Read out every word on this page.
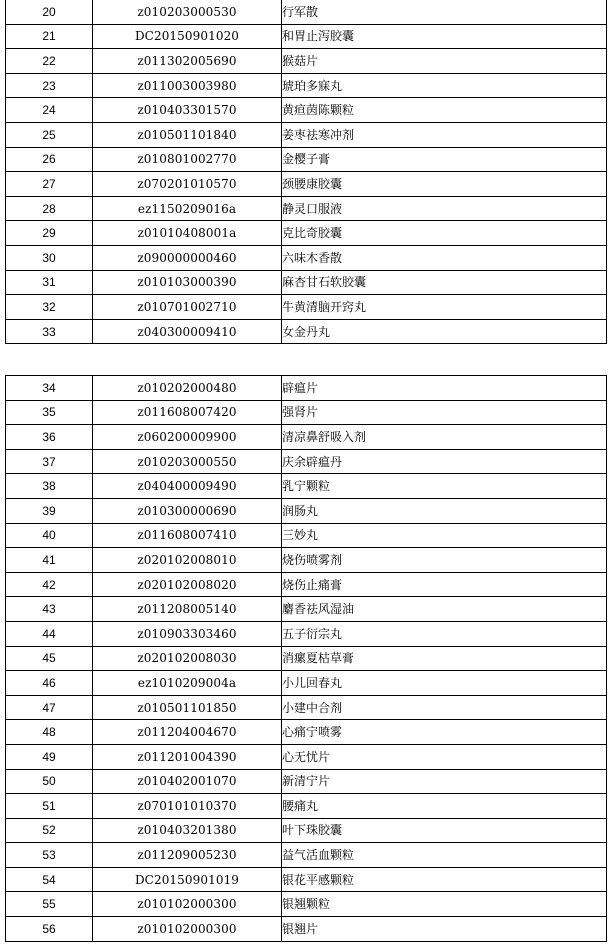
20	z010203000530	行军散
21	DC20150901020	和胃止泻胶囊
22	z011302005690	猴菇片
23	z011003003980	琥珀多寐丸
24	z010403301570	黄疸茵陈颗粒
25	z010501101840	姜枣祛寒冲剂
26	z010801002770	金樱子膏
27	z070201010570	颈腰康胶囊
28	ez1150209016a	静灵口服液
29	z01010408001a	克比奇胶囊
30	z090000000460	六味木香散
31	z010103000390	麻杏甘石软胶囊
32	z010701002710	牛黄清脑开窍丸
33	z040300009410	女金丹丸
34	z010202000480	辟瘟片
35	z011608007420	强肾片
36	z060200009900	清凉鼻舒吸入剂
37	z010203000550	庆余辟瘟丹
38	z040400009490	乳宁颗粒
39	z010300000690	润肠丸
40	z011608007410	三妙丸
41	z020102008010	烧伤喷雾剂
42	z020102008020	烧伤止痛膏
43	z011208005140	麝香祛风湿油
44	z010903303460	五子衍宗丸
45	z020102008030	消瘰夏枯草膏
46	ez1010209004a	小儿回春丸
47	z010501101850	小建中合剂
48	z011204004670	心痛宁喷雾
49	z011201004390	心无忧片
50	z010402001070	新清宁片
51	z070101010370	腰痛丸
52	z010403201380	叶下珠胶囊
53	z011209005230	益气活血颗粒
54	DC20150901019	银花平感颗粒
55	z010102000300	银翘颗粒
56	z010102000300	银翘片
